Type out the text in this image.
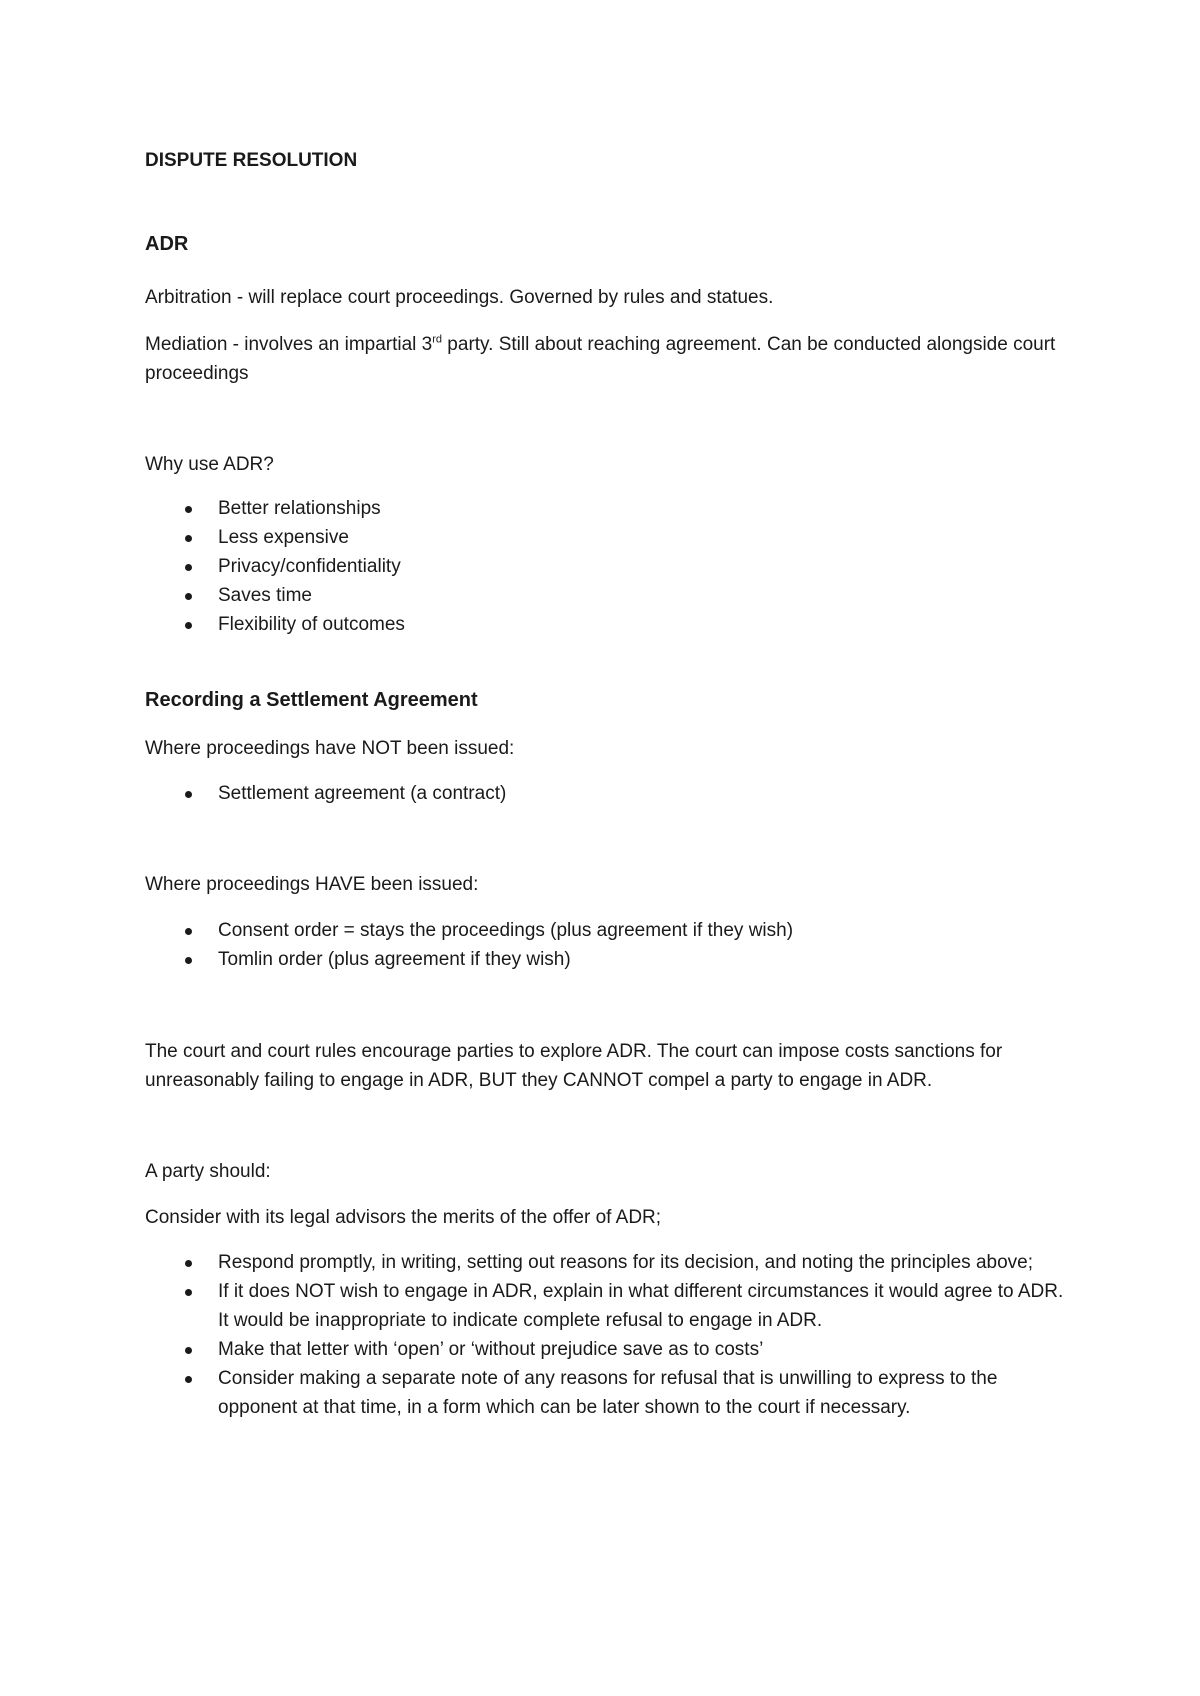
DISPUTE RESOLUTION
ADR

Arbitration - will replace court proceedings. Governed by rules and statues.

Mediation - involves an impartial 3rd party. Still about reaching agreement. Can be conducted alongside court proceedings

Why use ADR?

Better relationships
Less expensive
Privacy/confidentiality
Saves time
Flexibility of outcomes
Recording a Settlement Agreement

Where proceedings have NOT been issued:

Settlement agreement (a contract)

Where proceedings HAVE been issued:

Consent order = stays the proceedings (plus agreement if they wish)
Tomlin order (plus agreement if they wish)

The court and court rules encourage parties to explore ADR. The court can impose costs sanctions for unreasonably failing to engage in ADR, BUT they CANNOT compel a party to engage in ADR.

A party should:

Consider with its legal advisors the merits of the offer of ADR;

Respond promptly, in writing, setting out reasons for its decision, and noting the principles above;
If it does NOT wish to engage in ADR, explain in what different circumstances it would agree to ADR. It would be inappropriate to indicate complete refusal to engage in ADR.
Make that letter with ‘open’ or ‘without prejudice save as to costs’
Consider making a separate note of any reasons for refusal that is unwilling to express to the opponent at that time, in a form which can be later shown to the court if necessary.
